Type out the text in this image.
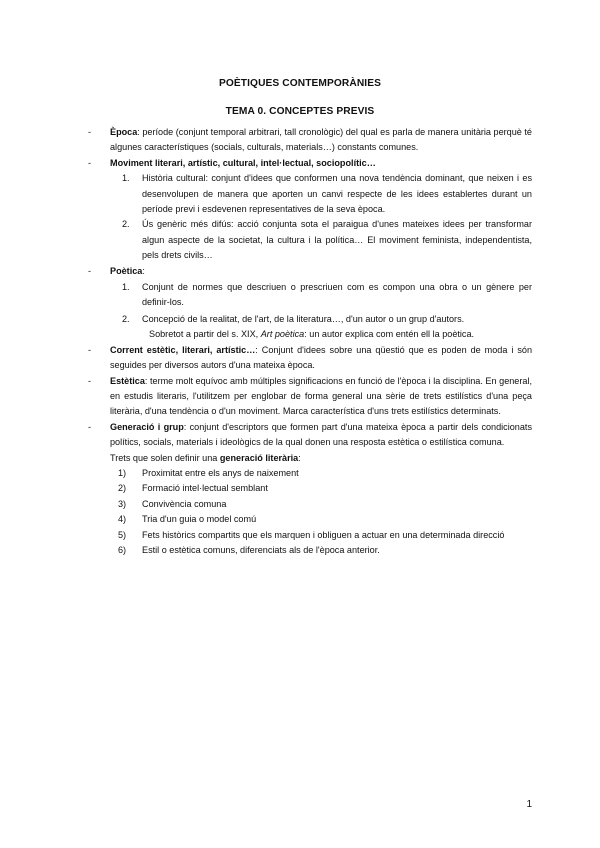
POÈTIQUES CONTEMPORÀNIES
TEMA 0. CONCEPTES PREVIS
- Època: període (conjunt temporal arbitrari, tall cronològic) del qual es parla de manera unitària perquè té algunes característiques (socials, culturals, materials…) constants comunes.
- Moviment literari, artístic, cultural, intel·lectual, sociopolític…
1. Història cultural: conjunt d'idees que conformen una nova tendència dominant, que neixen i es desenvolupen de manera que aporten un canvi respecte de les idees establertes durant un període previ i esdevenen representatives de la seva època.
2. Ús genèric més difús: acció conjunta sota el paraigua d'unes mateixes idees per transformar algun aspecte de la societat, la cultura i la política… El moviment feminista, independentista, pels drets civils…
- Poètica:
1. Conjunt de normes que descriuen o prescriuen com es compon una obra o un gènere per definir-los.
2. Concepció de la realitat, de l'art, de la literatura…, d'un autor o un grup d'autors.
Sobretot a partir del s. XIX, Art poètica: un autor explica com entén ell la poètica.
- Corrent estètic, literari, artístic…: Conjunt d'idees sobre una qüestió que es poden de moda i són seguides per diversos autors d'una mateixa època.
- Estètica: terme molt equívoc amb múltiples significacions en funció de l'època i la disciplina. En general, en estudis literaris, l'utilitzem per englobar de forma general una sèrie de trets estilístics d'una peça literària, d'una tendència o d'un moviment. Marca característica d'uns trets estilístics determinats.
- Generació i grup: conjunt d'escriptors que formen part d'una mateixa època a partir dels condicionats polítics, socials, materials i ideològics de la qual donen una resposta estètica o estilística comuna.
Trets que solen definir una generació literària:
1) Proximitat entre els anys de naixement
2) Formació intel·lectual semblant
3) Convivència comuna
4) Tria d'un guia o model comú
5) Fets històrics compartits que els marquen i obliguen a actuar en una determinada direcció
6) Estil o estètica comuns, diferenciats als de l'època anterior.
1
